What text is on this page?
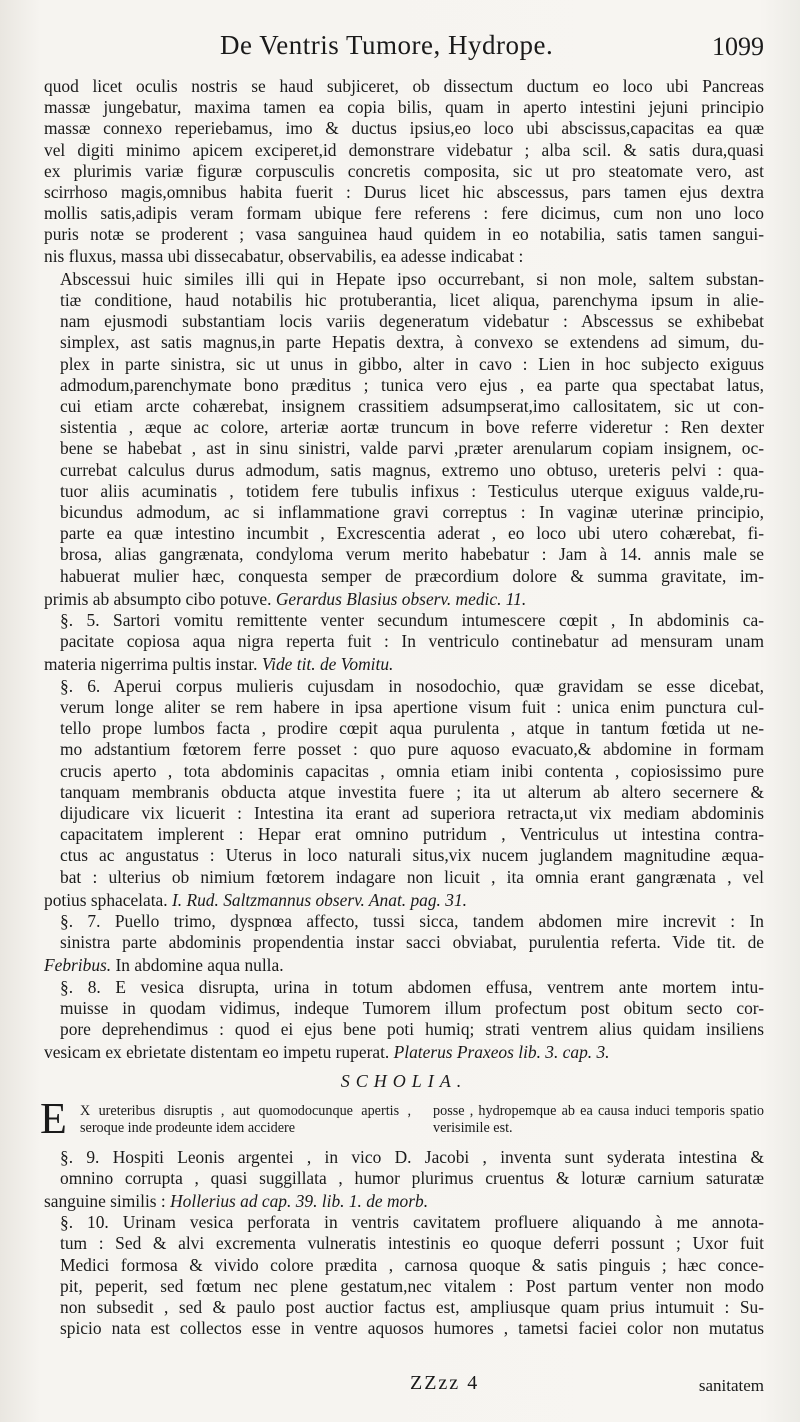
De Ventris Tumore, Hydrope.	1099
quod licet oculis nostris se haud subjiceret, ob dissectum ductum eo loco ubi Pancreas
massæ jungebatur, maxima tamen ea copia bilis, quam in aperto intestini jejuni principio
massæ connexo reperiebamus, imo & ductus ipsius,eo loco ubi abscissus,capacitas ea quæ
vel digiti minimo apicem exciperet,id demonstrare videbatur ; alba scil. & satis dura,quasi
ex plurimis variæ figuræ corpusculis concretis composita, sic ut pro steatomate vero, ast
scirrhoso magis,omnibus habita fuerit : Durus licet hic abscessus, pars tamen ejus dextra
mollis satis,adipis veram formam ubique fere referens : fere dicimus, cum non uno loco
puris notæ se proderent ; vasa sanguinea haud quidem in eo notabilia, satis tamen sangui-
nis fluxus, massa ubi dissecabatur, observabilis, ea adesse indicabat :
Abscessui huic similes illi qui in Hepate ipso occurrebant, si non mole, saltem substan-
tiæ conditione, haud notabilis hic protuberantia, licet aliqua, parenchyma ipsum in alie-
nam ejusmodi substantiam locis variis degeneratum videbatur : Abscessus se exhibebat
simplex, ast satis magnus,in parte Hepatis dextra, à convexo se extendens ad simum, du-
plex in parte sinistra, sic ut unus in gibbo, alter in cavo : Lien in hoc subjecto exiguus
admodum,parenchymate bono præditus ; tunica vero ejus , ea parte qua spectabat latus,
cui etiam arcte cohærebat, insignem crassitiem adsumpserat,imo callositatem, sic ut con-
sistentia , æque ac colore, arteriæ aortæ truncum in bove referre videretur : Ren dexter
bene se habebat , ast in sinu sinistri, valde parvi ,præter arenularum copiam insignem, oc-
currebat calculus durus admodum, satis magnus, extremo uno obtuso, ureteris pelvi : qua-
tuor aliis acuminatis , totidem fere tubulis infixus : Testiculus uterque exiguus valde,ru-
bicundus admodum, ac si inflammatione gravi correptus : In vaginæ uterinæ principio,
parte ea quæ intestino incumbit , Excrescentia aderat , eo loco ubi utero cohærebat, fi-
brosa, alias gangrænata, condyloma verum merito habebatur : Jam à 14. annis male se
habuerat mulier hæc, conquesta semper de præcordium dolore & summa gravitate, im-
primis ab absumpto cibo potuve. Gerardus Blasius observ. medic. 11.
§. 5. Sartori vomitu remittente venter secundum intumescere cœpit , In abdominis ca-
pacitate copiosa aqua nigra reperta fuit : In ventriculo continebatur ad mensuram unam
materia nigerrima pultis instar. Vide tit. de Vomitu.
§. 6. Aperui corpus mulieris cujusdam in nosodochio, quæ gravidam se esse dicebat,
verum longe aliter se rem habere in ipsa apertione visum fuit : unica enim punctura cul-
tello prope lumbos facta , prodire cœpit aqua purulenta , atque in tantum fœtida ut ne-
mo adstantium fœtorem ferre posset : quo pure aquoso evacuato,& abdomine in formam
crucis aperto , tota abdominis capacitas , omnia etiam inibi contenta , copiosissimo pure
tanquam membranis obducta atque investita fuere ; ita ut alterum ab altero secernere &
dijudicare vix licuerit : Intestina ita erant ad superiora retracta,ut vix mediam abdominis
capacitatem implerent : Hepar erat omnino putridum , Ventriculus ut intestina contra-
ctus ac angustatus : Uterus in loco naturali situs,vix nucem juglandem magnitudine æqua-
bat : ulterius ob nimium fœtorem indagare non licuit , ita omnia erant gangrænata , vel
potius sphacelata. I. Rud. Saltzmannus observ. Anat. pag. 31.
§. 7. Puello trimo, dyspnœa affecto, tussi sicca, tandem abdomen mire increvit : In
sinistra parte abdominis propendentia instar sacci obviabat, purulentia referta. Vide tit. de
Febribus. In abdomine aqua nulla.
§. 8. E vesica disrupta, urina in totum abdomen effusa, ventrem ante mortem intu-
muisse in quodam vidimus, indeque Tumorem illum profectum post obitum secto cor-
pore deprehendimus : quod ei ejus bene poti humiq; strati ventrem alius quidam insiliens
vesicam ex ebrietate distentam eo impetu ruperat. Platerus Praxeos lib. 3. cap. 3.
SCHOLIA.
E X ureteribus disruptis , aut quomodocunque apertis , seroque inde prodeunte idem accidere
posse , hydropemque ab ea causa induci temporis spatio verisimile est.
§. 9. Hospiti Leonis argentei , in vico D. Jacobi , inventa sunt syderata intestina &
omnino corrupta , quasi suggillata , humor plurimus cruentus & loturæ carnium saturatæ
sanguine similis : Hollerius ad cap. 39. lib. 1. de morb.
§. 10. Urinam vesica perforata in ventris cavitatem profluere aliquando à me annota-
tum : Sed & alvi excrementa vulneratis intestinis eo quoque deferri possunt ; Uxor fuit
Medici formosa & vivido colore prædita , carnosa quoque & satis pinguis ; hæc conce-
pit, peperit, sed fœtum nec plene gestatum,nec vitalem : Post partum venter non modo
non subsedit , sed & paulo post auctior factus est, ampliusque quam prius intumuit : Su-
spicio nata est collectos esse in ventre aquosos humores , tametsi faciei color non mutatus
ZZzz 4	sanitatem
